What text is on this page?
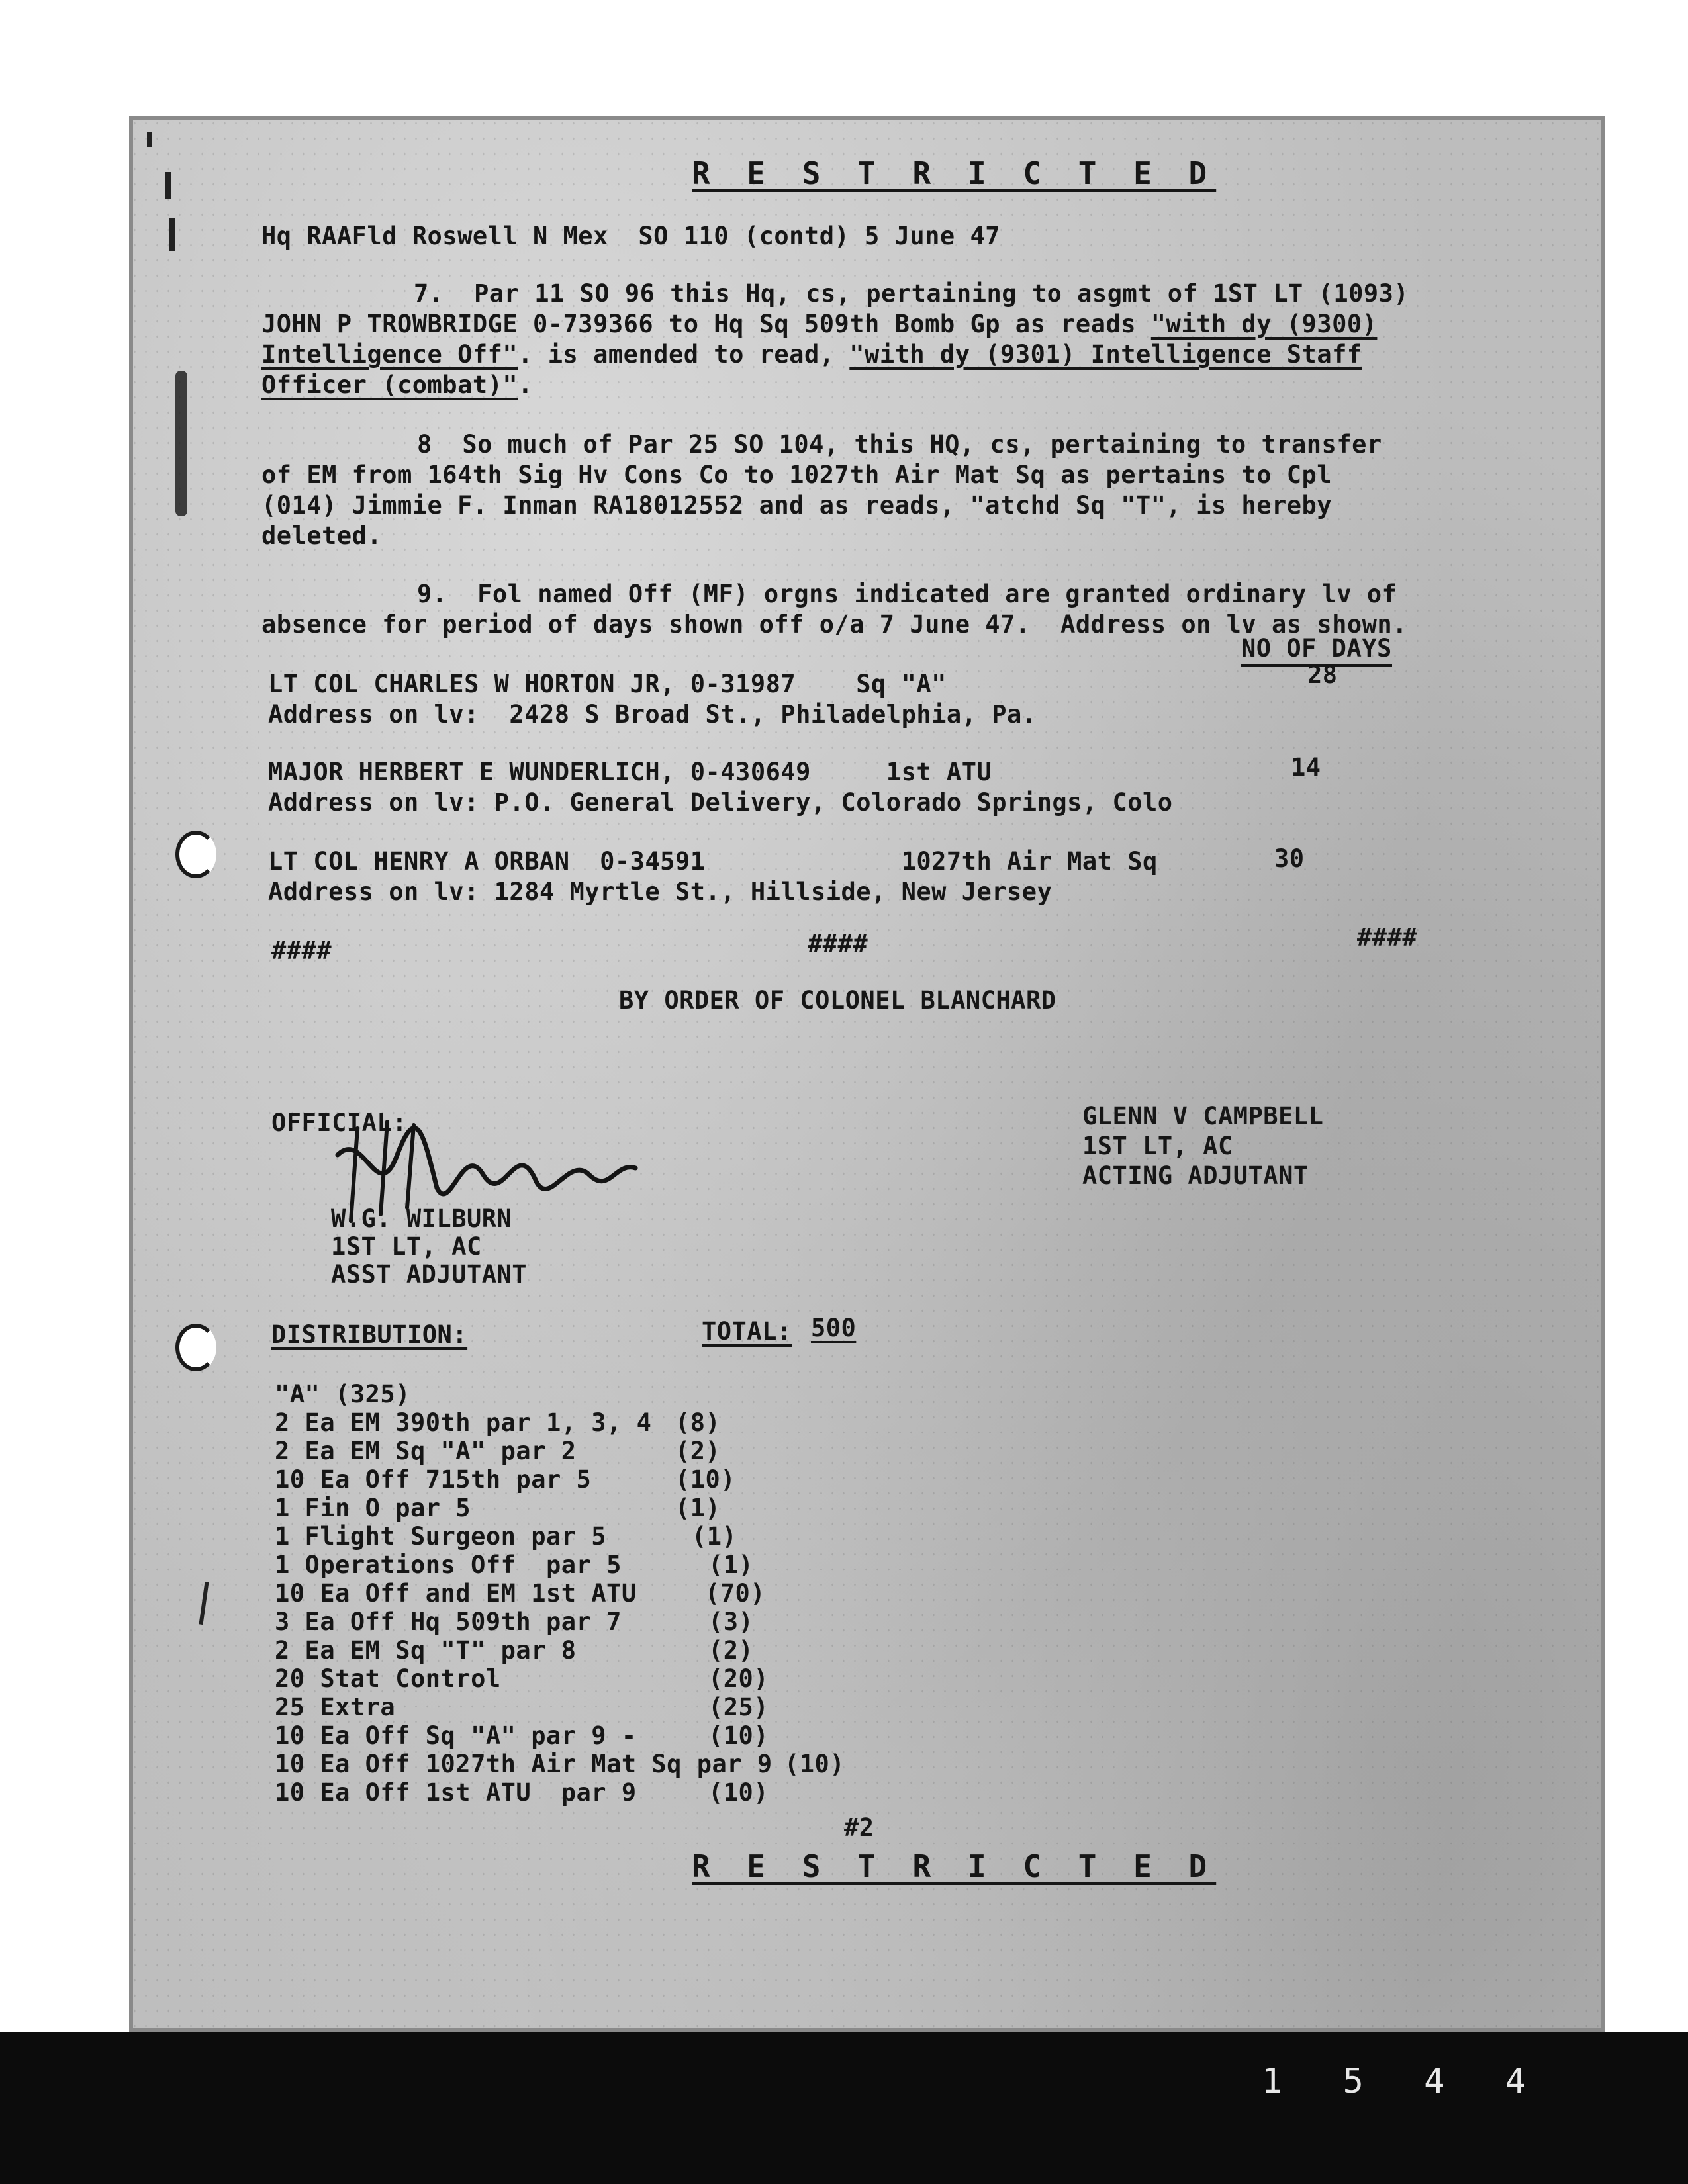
R E S T R I C T E D
Hq RAAFld Roswell N Mex  SO 110 (contd) 5 June 47
7.  Par 11 SO 96 this Hq, cs, pertaining to asgmt of 1ST LT (1093)
JOHN P TROWBRIDGE 0-739366 to Hq Sq 509th Bomb Gp as reads "with dy (9300)
Intelligence Off". is amended to read, "with dy (9301) Intelligence Staff
Officer (combat)".
8  So much of Par 25 SO 104, this HQ, cs, pertaining to transfer
of EM from 164th Sig Hv Cons Co to 1027th Air Mat Sq as pertains to Cpl
(014) Jimmie F. Inman RA18012552 and as reads, "atchd Sq "T", is hereby
deleted.
9.  Fol named Off (MF) orgns indicated are granted ordinary lv of
absence for period of days shown off o/a 7 June 47.  Address on lv as shown.
NO OF DAYS
LT COL CHARLES W HORTON JR, 0-31987    Sq "A"	28
Address on lv:  2428 S Broad St., Philadelphia, Pa.
MAJOR HERBERT E WUNDERLICH, 0-430649     1st ATU	14
Address on lv: P.O. General Delivery, Colorado Springs, Colo
LT COL HENRY A ORBAN  0-34591             1027th Air Mat Sq	30
Address on lv: 1284 Myrtle St., Hillside, New Jersey
####	####	####
BY ORDER OF COLONEL BLANCHARD
OFFICIAL:
W.G. WILBURN
1ST LT, AC
ASST ADJUTANT
GLENN V CAMPBELL
1ST LT, AC
ACTING ADJUTANT
DISTRIBUTION:	TOTAL: 500
"A" (325)
2 Ea EM 390th par 1, 3, 4 (8)
2 Ea EM Sq "A" par 2	(2)
10 Ea Off 715th par 5	(10)
1 Fin O par 5	(1)
1 Flight Surgeon par 5	(1)
1 Operations Off  par 5	(1)
10 Ea Off and EM 1st ATU	(70)
3 Ea Off Hq 509th par 7	(3)
2 Ea EM Sq "T" par 8	(2)
20 Stat Control	(20)
25 Extra	(25)
10 Ea Off Sq "A" par 9 -	(10)
10 Ea Off 1027th Air Mat Sq par 9 (10)
10 Ea Off 1st ATU  par 9	(10)
#2
R E S T R I C T E D
1 5 4 4
